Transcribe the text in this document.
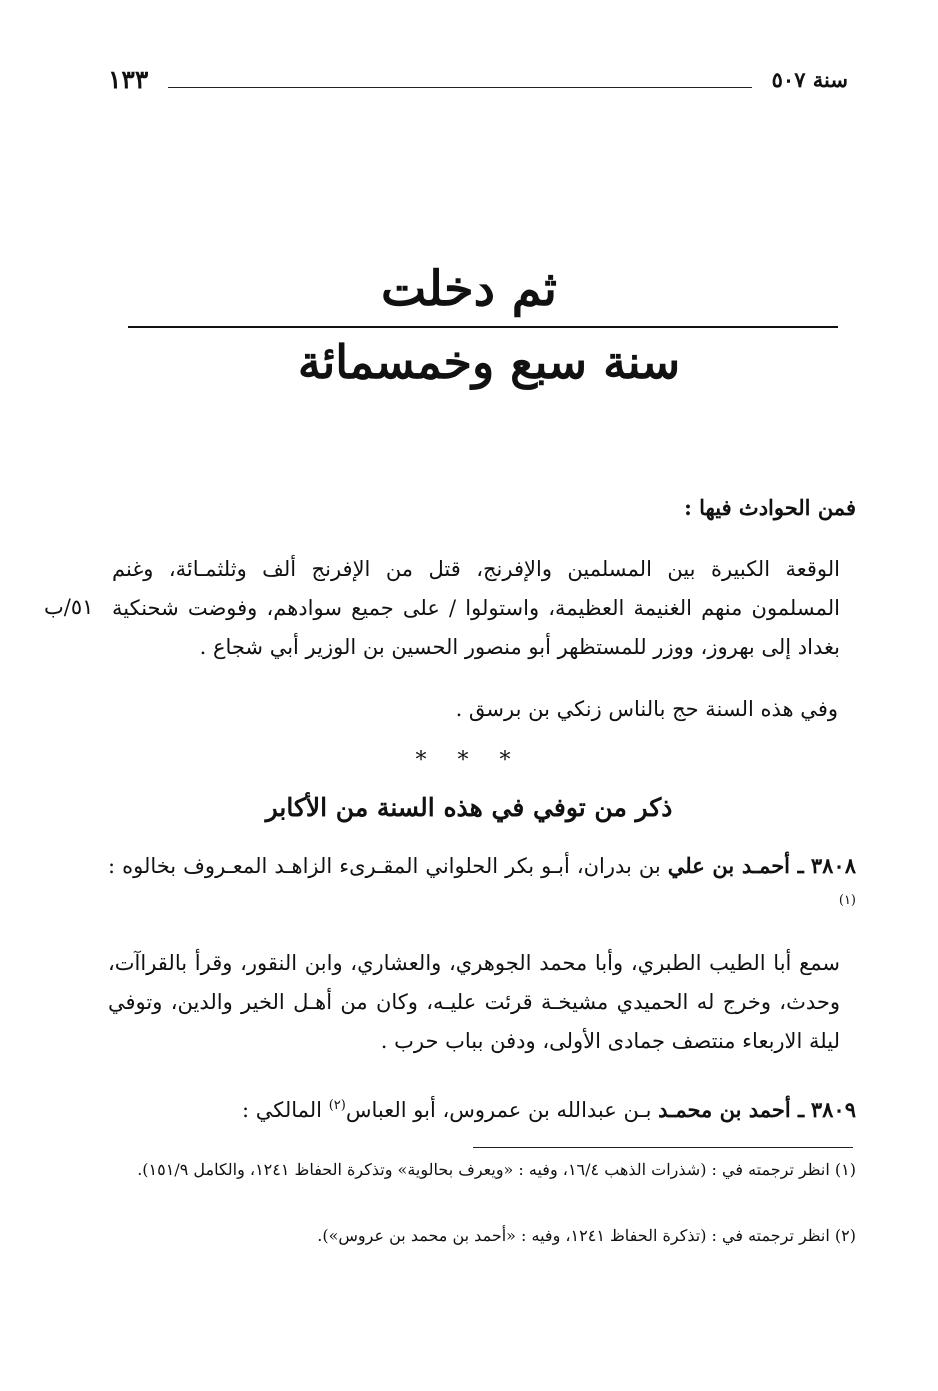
١٣٣	سنة ٥٠٧
ثم دخلت
سنة سبع وخمسمائة
فمن الحوادث فيها :
الوقعة الكبيرة بين المسلمين والإفرنج، قتل من الإفرنج ألف وثلثمـائة، وغنم المسلمون منهم الغنيمة العظيمة، واستولوا / على جميع سوادهم، وفوضت شحنكية بغداد إلى بهروز، ووزر للمستظهر أبو منصور الحسين بن الوزير أبي شجاع .
٥١/ب
وفي هذه السنة حج بالناس زنكي بن برسق .
* * *
ذكر من توفي في هذه السنة من الأكابر
٣٨٠٨ ـ أحمـد بن علي بن بدران، أبـو بكر الحلواني المقـرىء الزاهـد المعـروف بخالوه : $^{(١)}$
سمع أبا الطيب الطبري، وأبا محمد الجوهري، والعشاري، وابن النقور، وقرأ بالقراآت، وحدث، وخرج له الحميدي مشيخـة قرئت عليـه، وكان من أهـل الخير والدين، وتوفي ليلة الاربعاء منتصف جمادى الأولى، ودفن بباب حرب .
٣٨٠٩ ـ أحمد بن محمـد بـن عبدالله بن عمروس، أبو العباس$^{(٢)}$ المالكي :
(١) انظر ترجمته في : (شذرات الذهب ١٦/٤، وفيه : «ويعرف بحالوية» وتذكرة الحفاظ ١٢٤١، والكامل ١٥١/٩).
(٢) انظر ترجمته في : (تذكرة الحفاظ ١٢٤١، وفيه : «أحمد بن محمد بن عروس»).
